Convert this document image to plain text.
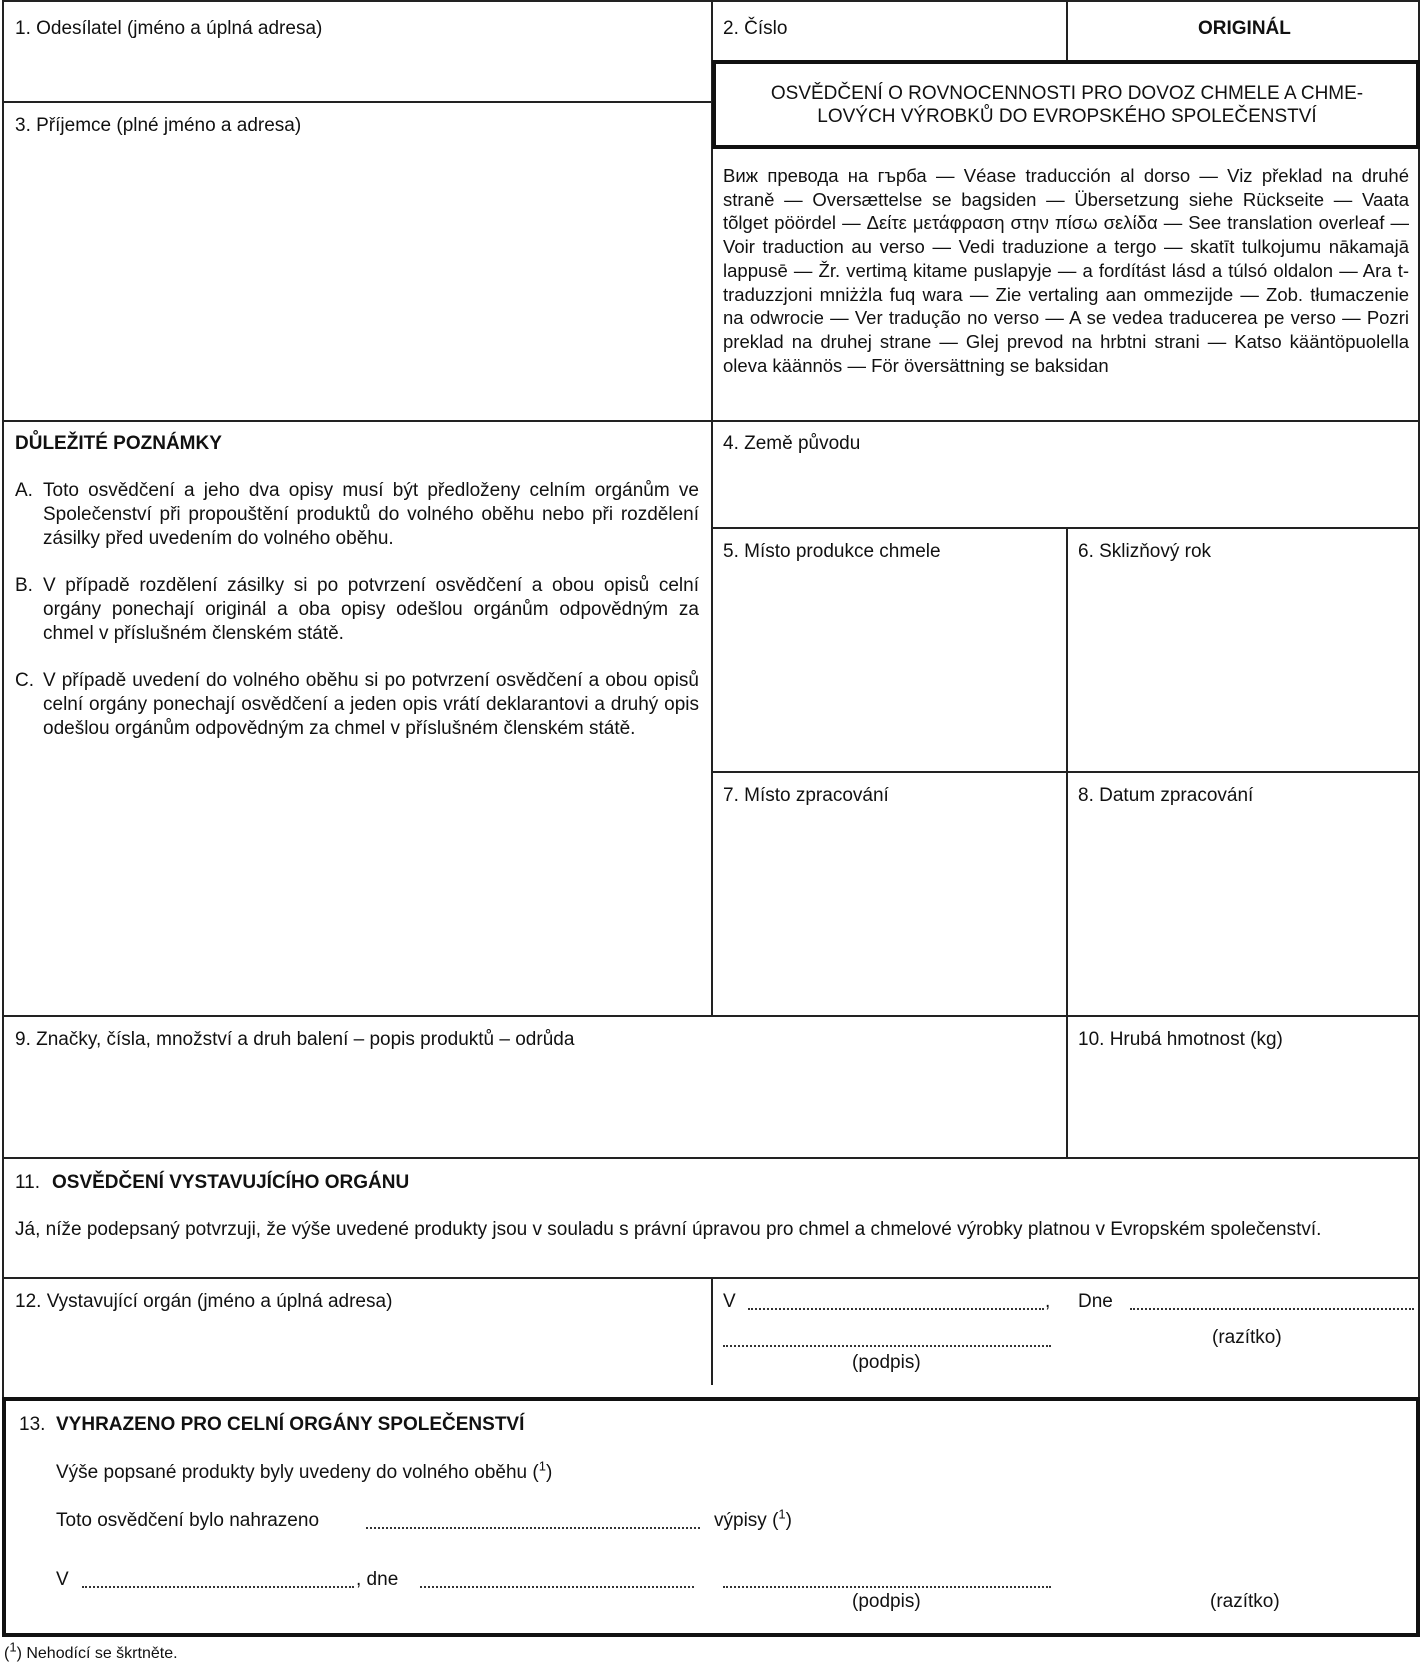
1. Odesílatel (jméno a úplná adresa)	2. Číslo	ORIGINÁL
3. Příjemce (plné jméno a adresa)
OSVĚDČENÍ O ROVNOCENNOSTI PRO DOVOZ CHMELE A CHME-
LOVÝCH VÝROBKŮ DO EVROPSKÉHO SPOLEČENSTVÍ
Виж превода на гърба — Véase traducción al dorso — Viz překlad na druhé straně — Oversættelse se bagsiden — Übersetzung siehe Rückseite — Vaata tõlget pöördel — Δείτε μετάφραση στην πίσω σελίδα — See translation overleaf — Voir traduction au verso — Vedi traduzione a tergo — skatīt tulkojumu nākamajā lappusē — Žr. vertimą kitame puslapyje — a fordítást lásd a túlsó oldalon — Ara t-traduzzjoni mniżżla fuq wara — Zie vertaling aan ommezijde — Zob. tłumaczenie na odwrocie — Ver tradução no verso — A se vedea traducerea pe verso — Pozri preklad na druhej strane — Glej prevod na hrbtni strani — Katso kääntöpuolella oleva käännös — För översättning se baksidan
DŮLEŽITÉ POZNÁMKY
A. Toto osvědčení a jeho dva opisy musí být předloženy celním orgánům ve Společenství při propouštění produktů do volného oběhu nebo při rozdělení zásilky před uvedením do volného oběhu.
B. V případě rozdělení zásilky si po potvrzení osvědčení a obou opisů celní orgány ponechají originál a oba opisy odešlou orgánům odpovědným za chmel v příslušném členském státě.
C. V případě uvedení do volného oběhu si po potvrzení osvědčení a obou opisů celní orgány ponechají osvědčení a jeden opis vrátí deklarantovi a druhý opis odešlou orgánům odpovědným za chmel v příslušném členském státě.
4. Země původu
5. Místo produkce chmele	6. Sklizňový rok
7. Místo zpracování	8. Datum zpracování
9. Značky, čísla, množství a druh balení – popis produktů – odrůda	10. Hrubá hmotnost (kg)
11. OSVĚDČENÍ VYSTAVUJÍCÍHO ORGÁNU
Já, níže podepsaný potvrzuji, že výše uvedené produkty jsou v souladu s právní úpravou pro chmel a chmelové výrobky platnou v Evropském společenství.
12. Vystavující orgán (jméno a úplná adresa)	V	, Dne
(razítko)
(podpis)
13. VYHRAZENO PRO CELNÍ ORGÁNY SPOLEČENSTVÍ
Výše popsané produkty byly uvedeny do volného oběhu ($^1$)
Toto osvědčení bylo nahrazeno	výpisy ($^1$)
V	, dne
(podpis)	(razítko)
($^1$) Nehodící se škrtněte.
